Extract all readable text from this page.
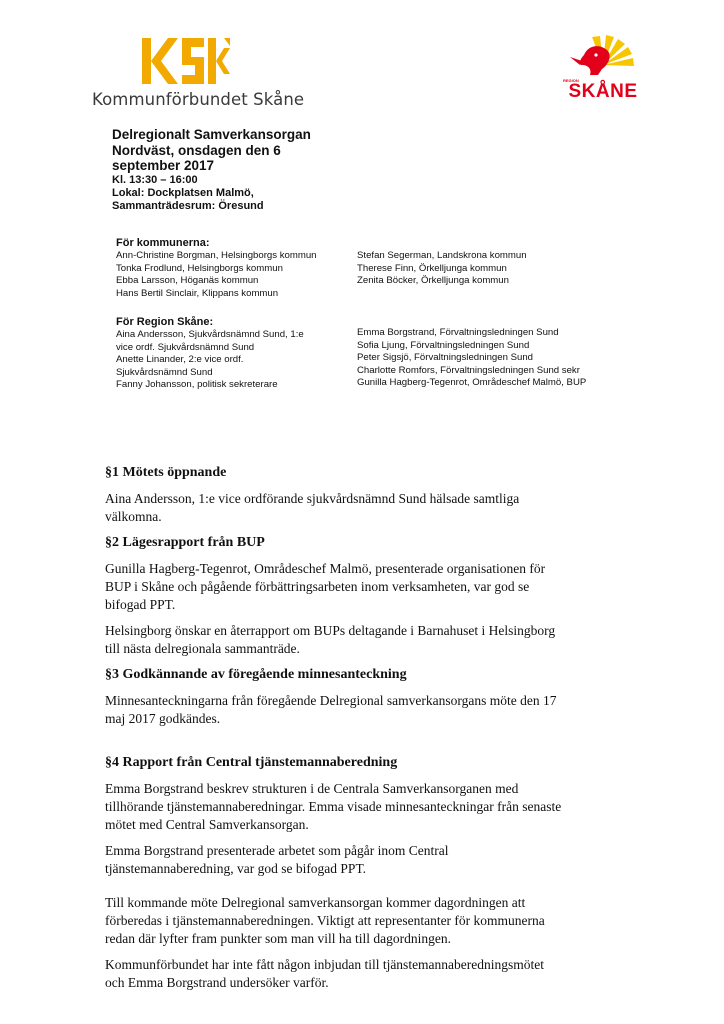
Kommunförbundet Skåne
REGION
SKÅNE
Delregionalt Samverkansorgan
Nordväst, onsdagen den 6
september 2017
Kl. 13:30 – 16:00
Lokal: Dockplatsen Malmö,
Sammanträdesrum: Öresund
För kommunerna:
Ann-Christine Borgman, Helsingborgs kommun
Tonka Frodlund, Helsingborgs kommun
Ebba Larsson, Höganäs kommun
Hans Bertil Sinclair, Klippans kommun
Stefan Segerman, Landskrona kommun
Therese Finn, Örkelljunga kommun
Zenita Böcker, Örkelljunga kommun
För Region Skåne:
Aina Andersson, Sjukvårdsnämnd Sund, 1:e
vice ordf. Sjukvårdsnämnd Sund
Anette Linander, 2:e vice ordf.
Sjukvårdsnämnd Sund
Fanny Johansson, politisk sekreterare
Emma Borgstrand, Förvaltningsledningen Sund
Sofia Ljung, Förvaltningsledningen Sund
Peter Sigsjö, Förvaltningsledningen Sund
Charlotte Romfors, Förvaltningsledningen Sund sekr
Gunilla Hagberg-Tegenrot, Områdeschef Malmö, BUP
§1 Mötets öppnande
Aina Andersson, 1:e vice ordförande sjukvårdsnämnd Sund hälsade samtliga
välkomna.
§2 Lägesrapport från BUP
Gunilla Hagberg-Tegenrot, Områdeschef Malmö, presenterade organisationen för
BUP i Skåne och pågående förbättringsarbeten inom verksamheten, var god se
bifogad PPT.
Helsingborg önskar en återrapport om BUPs deltagande i Barnahuset i Helsingborg
till nästa delregionala sammanträde.
§3 Godkännande av föregående minnesanteckning
Minnesanteckningarna från föregående Delregional samverkansorgans möte den 17
maj 2017 godkändes.
§4 Rapport från Central tjänstemannaberedning
Emma Borgstrand beskrev strukturen i de Centrala Samverkansorganen med
tillhörande tjänstemannaberedningar. Emma visade minnesanteckningar från senaste
mötet med Central Samverkansorgan.
Emma Borgstrand presenterade arbetet som pågår inom Central
tjänstemannaberedning, var god se bifogad PPT.
Till kommande möte Delregional samverkansorgan kommer dagordningen att
förberedas i tjänstemannaberedningen. Viktigt att representanter för kommunerna
redan där lyfter fram punkter som man vill ha till dagordningen.
Kommunförbundet har inte fått någon inbjudan till tjänstemannaberedningsmötet
och Emma Borgstrand undersöker varför.
